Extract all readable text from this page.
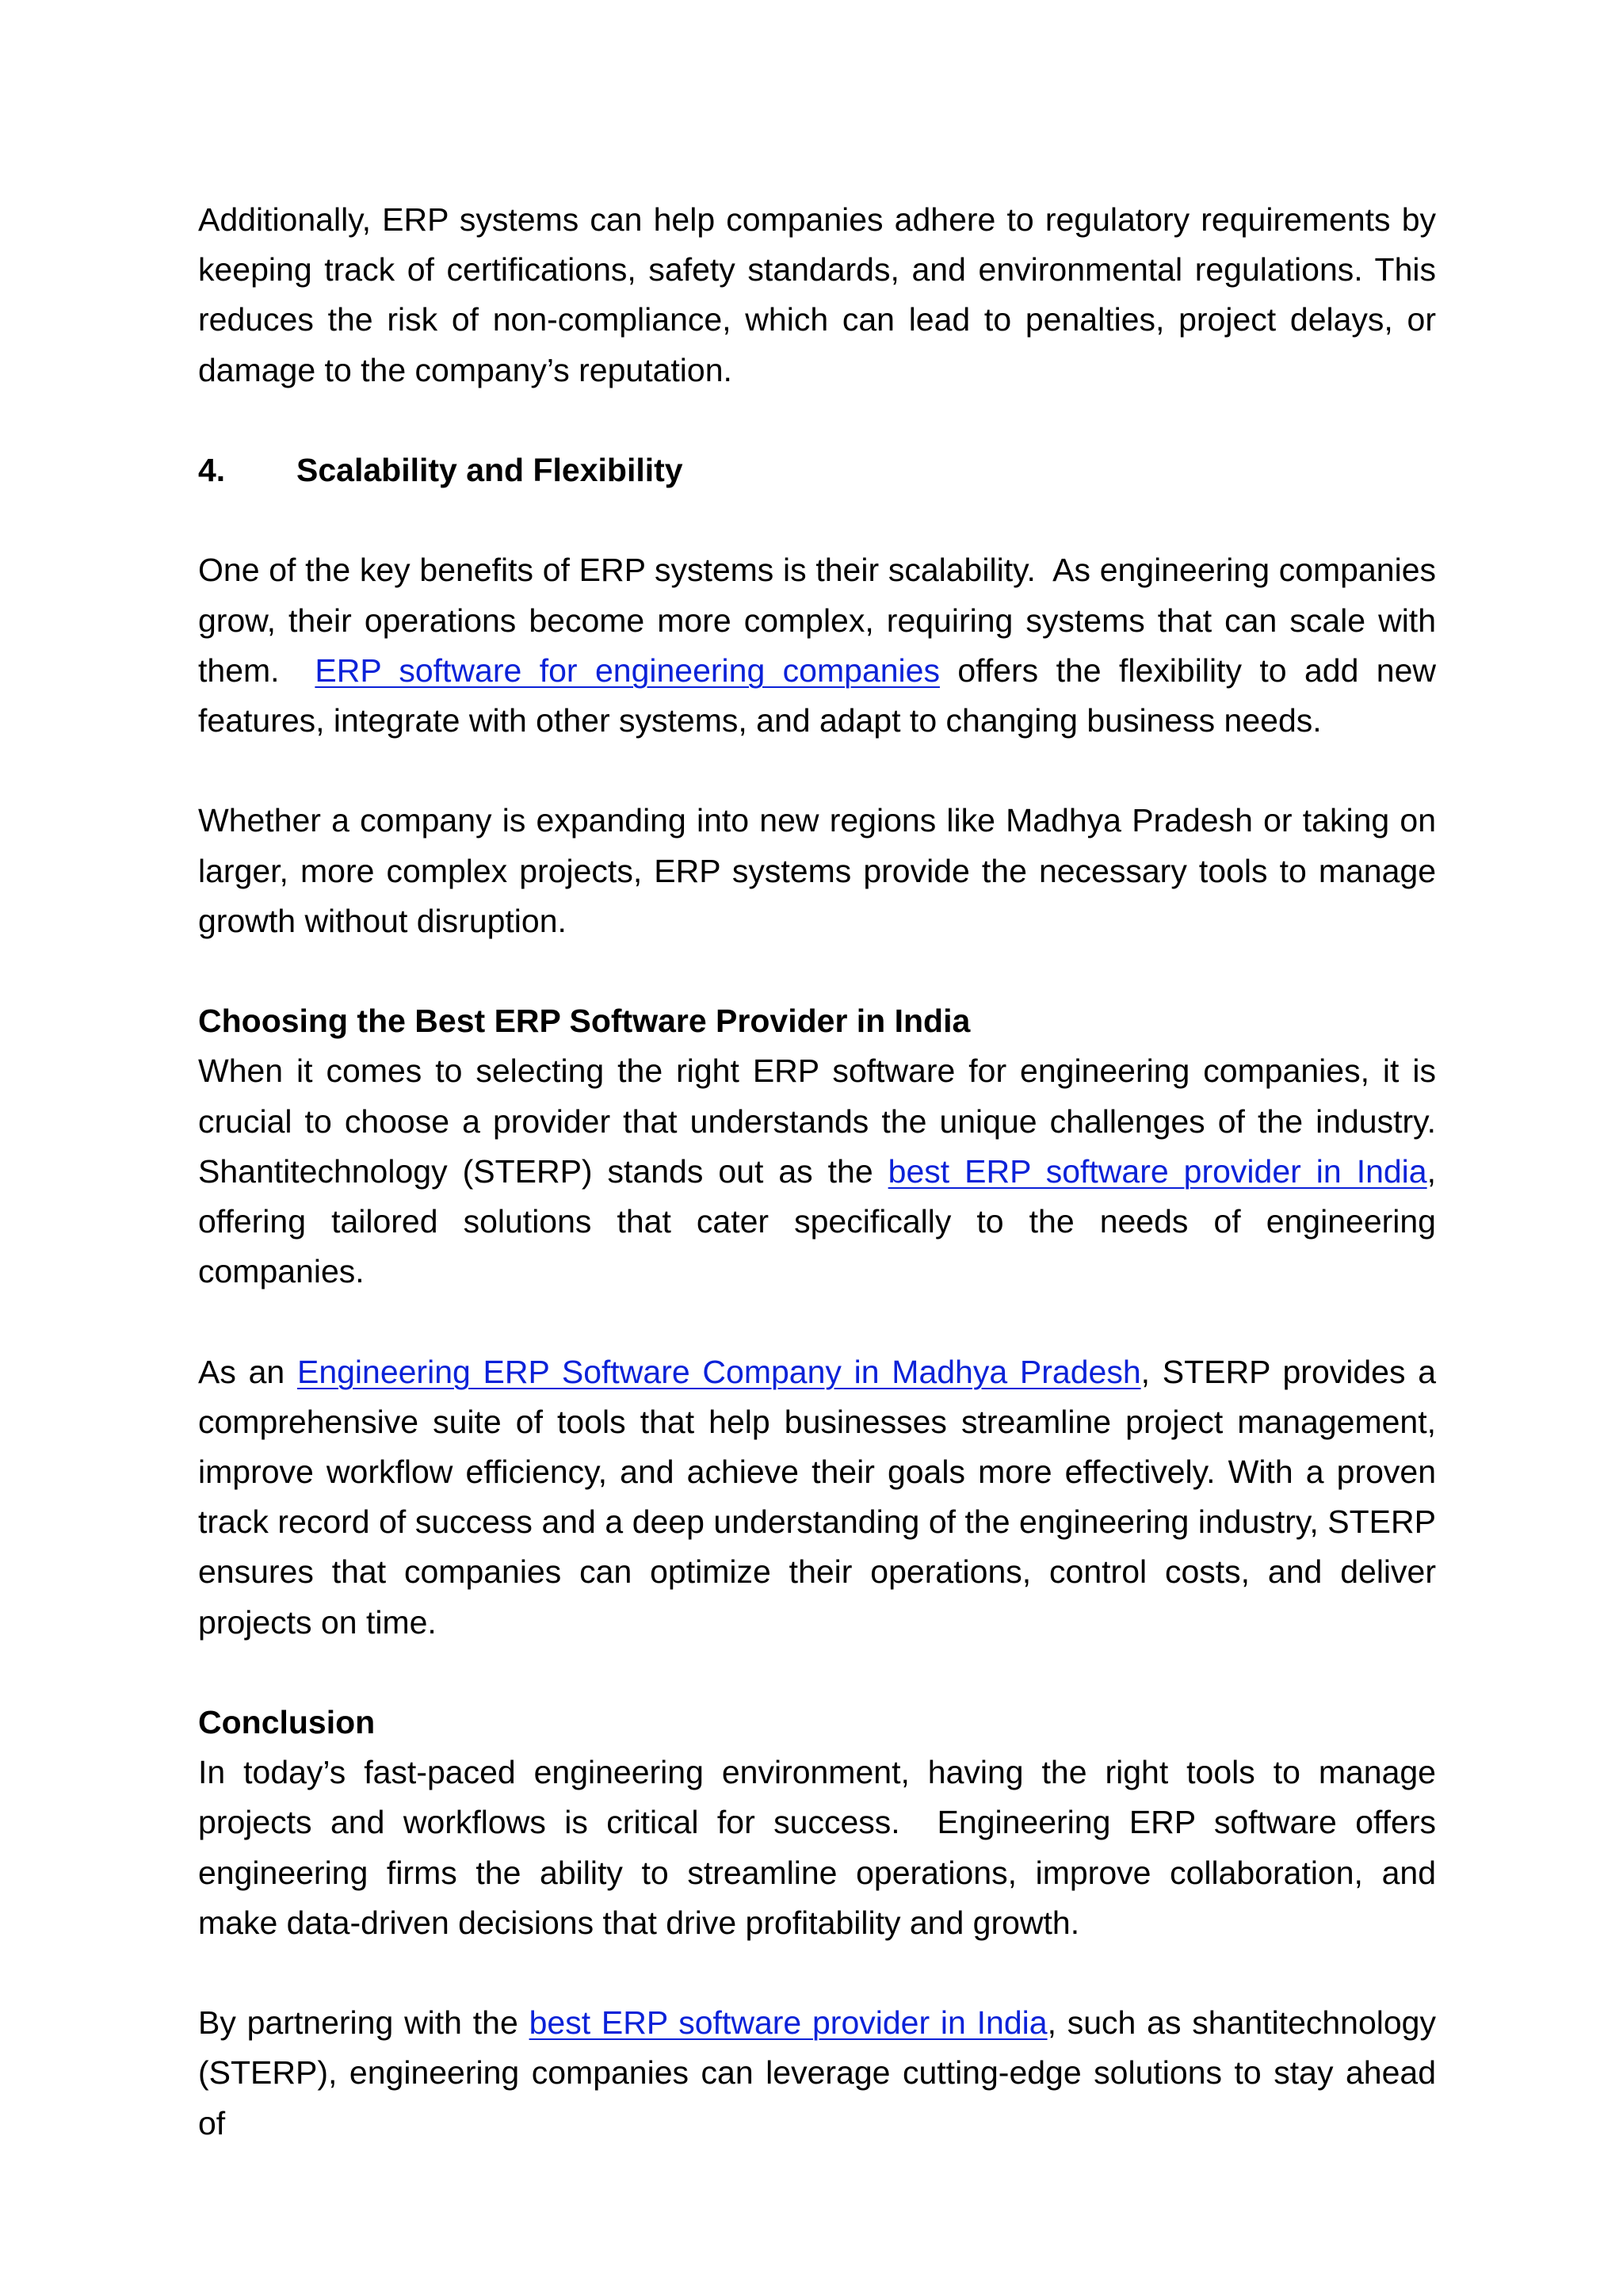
Additionally, ERP systems can help companies adhere to regulatory requirements by keeping track of certifications, safety standards, and environmental regulations. This reduces the risk of non-compliance, which can lead to penalties, project delays, or damage to the company’s reputation.

4.	Scalability and Flexibility

One of the key benefits of ERP systems is their scalability.  As engineering companies grow, their operations become more complex, requiring systems that can scale with them.  ERP software for engineering companies offers the flexibility to add new features, integrate with other systems, and adapt to changing business needs.

Whether a company is expanding into new regions like Madhya Pradesh or taking on larger, more complex projects, ERP systems provide the necessary tools to manage growth without disruption.

Choosing the Best ERP Software Provider in India

When it comes to selecting the right ERP software for engineering companies, it is crucial to choose a provider that understands the unique challenges of the industry. Shantitechnology (STERP) stands out as the best ERP software provider in India, offering tailored solutions that cater specifically to the needs of engineering companies.

As an Engineering ERP Software Company in Madhya Pradesh, STERP provides a comprehensive suite of tools that help businesses streamline project management, improve workflow efficiency, and achieve their goals more effectively. With a proven track record of success and a deep understanding of the engineering industry, STERP ensures that companies can optimize their operations, control costs, and deliver projects on time.

Conclusion

In today’s fast-paced engineering environment, having the right tools to manage projects and workflows is critical for success.  Engineering ERP software offers engineering firms the ability to streamline operations, improve collaboration, and make data-driven decisions that drive profitability and growth.

By partnering with the best ERP software provider in India, such as shantitechnology (STERP), engineering companies can leverage cutting-edge solutions to stay ahead of
